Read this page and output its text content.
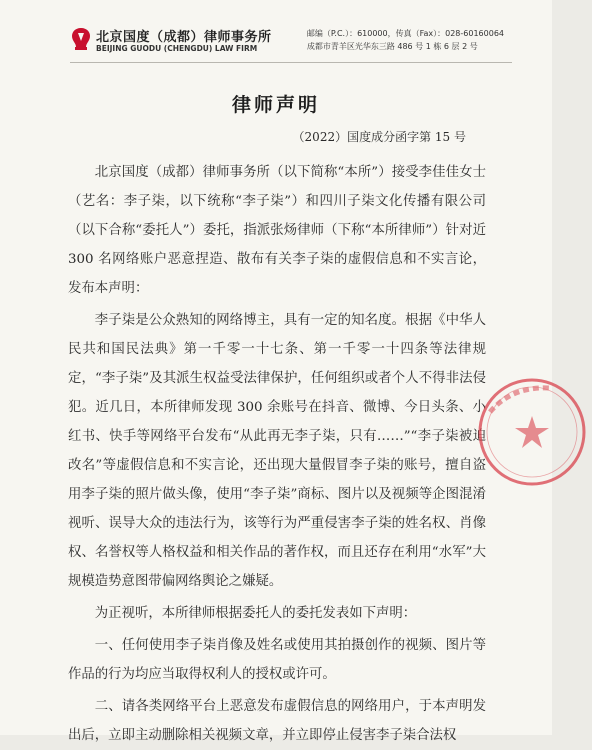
北京国度（成都）律师事务所
BEIJING GUODU (CHENGDU) LAW FIRM
邮编（P.C.）：610000，传真（Fax）：028-60160064
成都市青羊区光华东三路 486 号 1 栋 6 层 2 号
律师声明
（2022）国度成分函字第 15 号

北京国度（成都）律师事务所（以下简称“本所”）接受李佳佳女士（艺名：李子柒，以下统称“李子柒”）和四川子柒文化传播有限公司（以下合称“委托人”）委托，指派张炀律师（下称“本所律师”）针对近 300 名网络账户恶意捏造、散布有关李子柒的虚假信息和不实言论，发布本声明：

李子柒是公众熟知的网络博主，具有一定的知名度。根据《中华人民共和国民法典》第一千零一十七条、第一千零一十四条等法律规定，“李子柒”及其派生权益受法律保护，任何组织或者个人不得非法侵犯。近几日，本所律师发现 300 余账号在抖音、微博、今日头条、小红书、快手等网络平台发布“从此再无李子柒，只有……”“李子柒被迫改名”等虚假信息和不实言论，还出现大量假冒李子柒的账号，擅自盗用李子柒的照片做头像，使用“李子柒”商标、图片以及视频等企图混淆视听、误导大众的违法行为，该等行为严重侵害李子柒的姓名权、肖像权、名誉权等人格权益和相关作品的著作权，而且还存在利用“水军”大规模造势意图带偏网络舆论之嫌疑。

为正视听，本所律师根据委托人的委托发表如下声明：

一、任何使用李子柒肖像及姓名或使用其拍摄创作的视频、图片等作品的行为均应当取得权利人的授权或许可。

二、请各类网络平台上恶意发布虚假信息的网络用户，于本声明发出后，立即主动删除相关视频文章，并立即停止侵害李子柒合法权
